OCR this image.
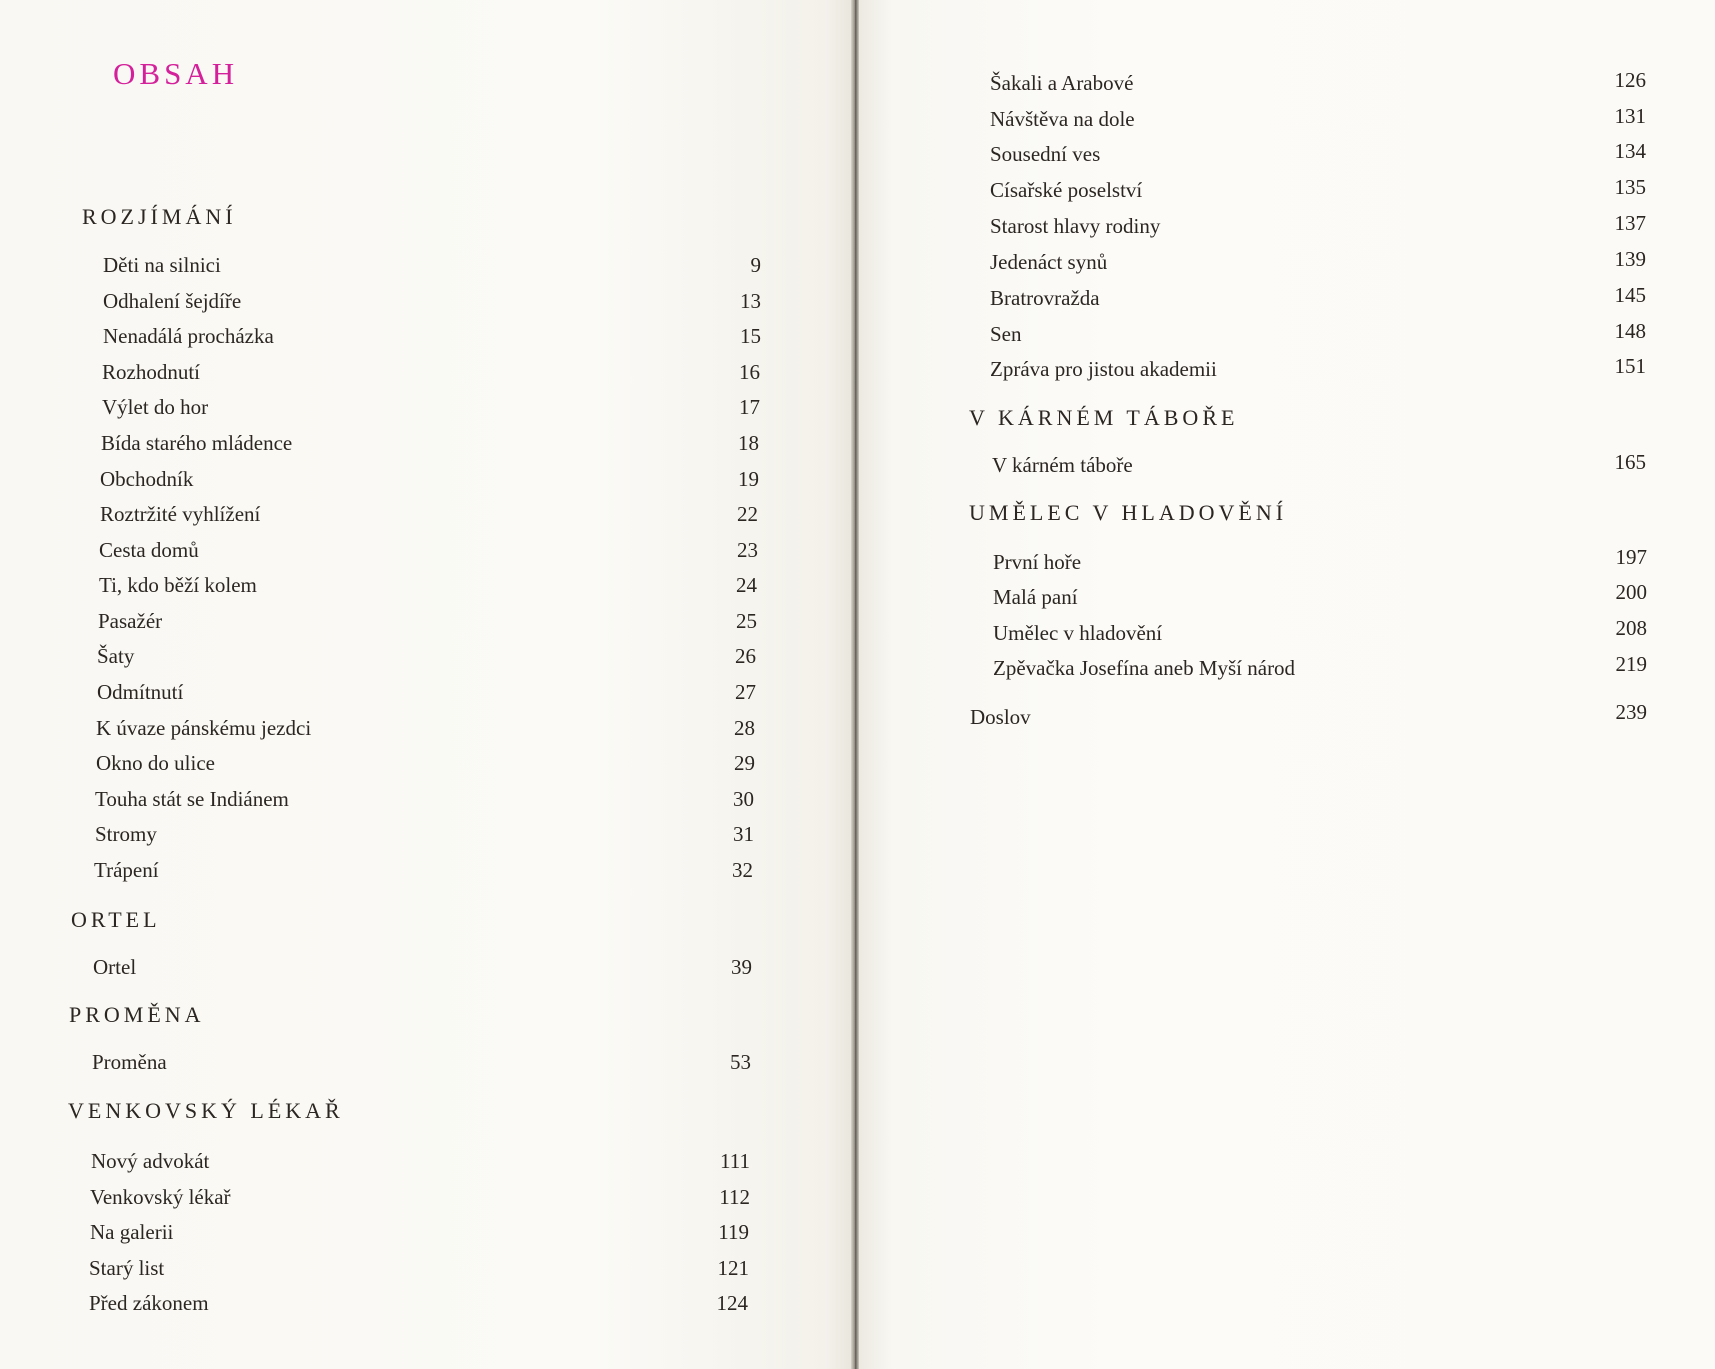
OBSAH
ROZJÍMÁNÍ
Děti na silnici	9
Odhalení šejdíře	13
Nenadálá procházka	15
Rozhodnutí	16
Výlet do hor	17
Bída starého mládence	18
Obchodník	19
Roztržité vyhlížení	22
Cesta domů	23
Ti, kdo běží kolem	24
Pasažér	25
Šaty	26
Odmítnutí	27
K úvaze pánskému jezdci	28
Okno do ulice	29
Touha stát se Indiánem	30
Stromy	31
Trápení	32
ORTEL
Ortel	39
PROMĚNA
Proměna	53
VENKOVSKÝ LÉKAŘ
Nový advokát	111
Venkovský lékař	112
Na galerii	119
Starý list	121
Před zákonem	124
Šakali a Arabové	126
Návštěva na dole	131
Sousední ves	134
Císařské poselství	135
Starost hlavy rodiny	137
Jedenáct synů	139
Bratrovražda	145
Sen	148
Zpráva pro jistou akademii	151
V KÁRNÉM TÁBOŘE
V kárném táboře	165
UMĚLEC V HLADOVĚNÍ
První hoře	197
Malá paní	200
Umělec v hladovění	208
Zpěvačka Josefína aneb Myší národ	219
Doslov	239
